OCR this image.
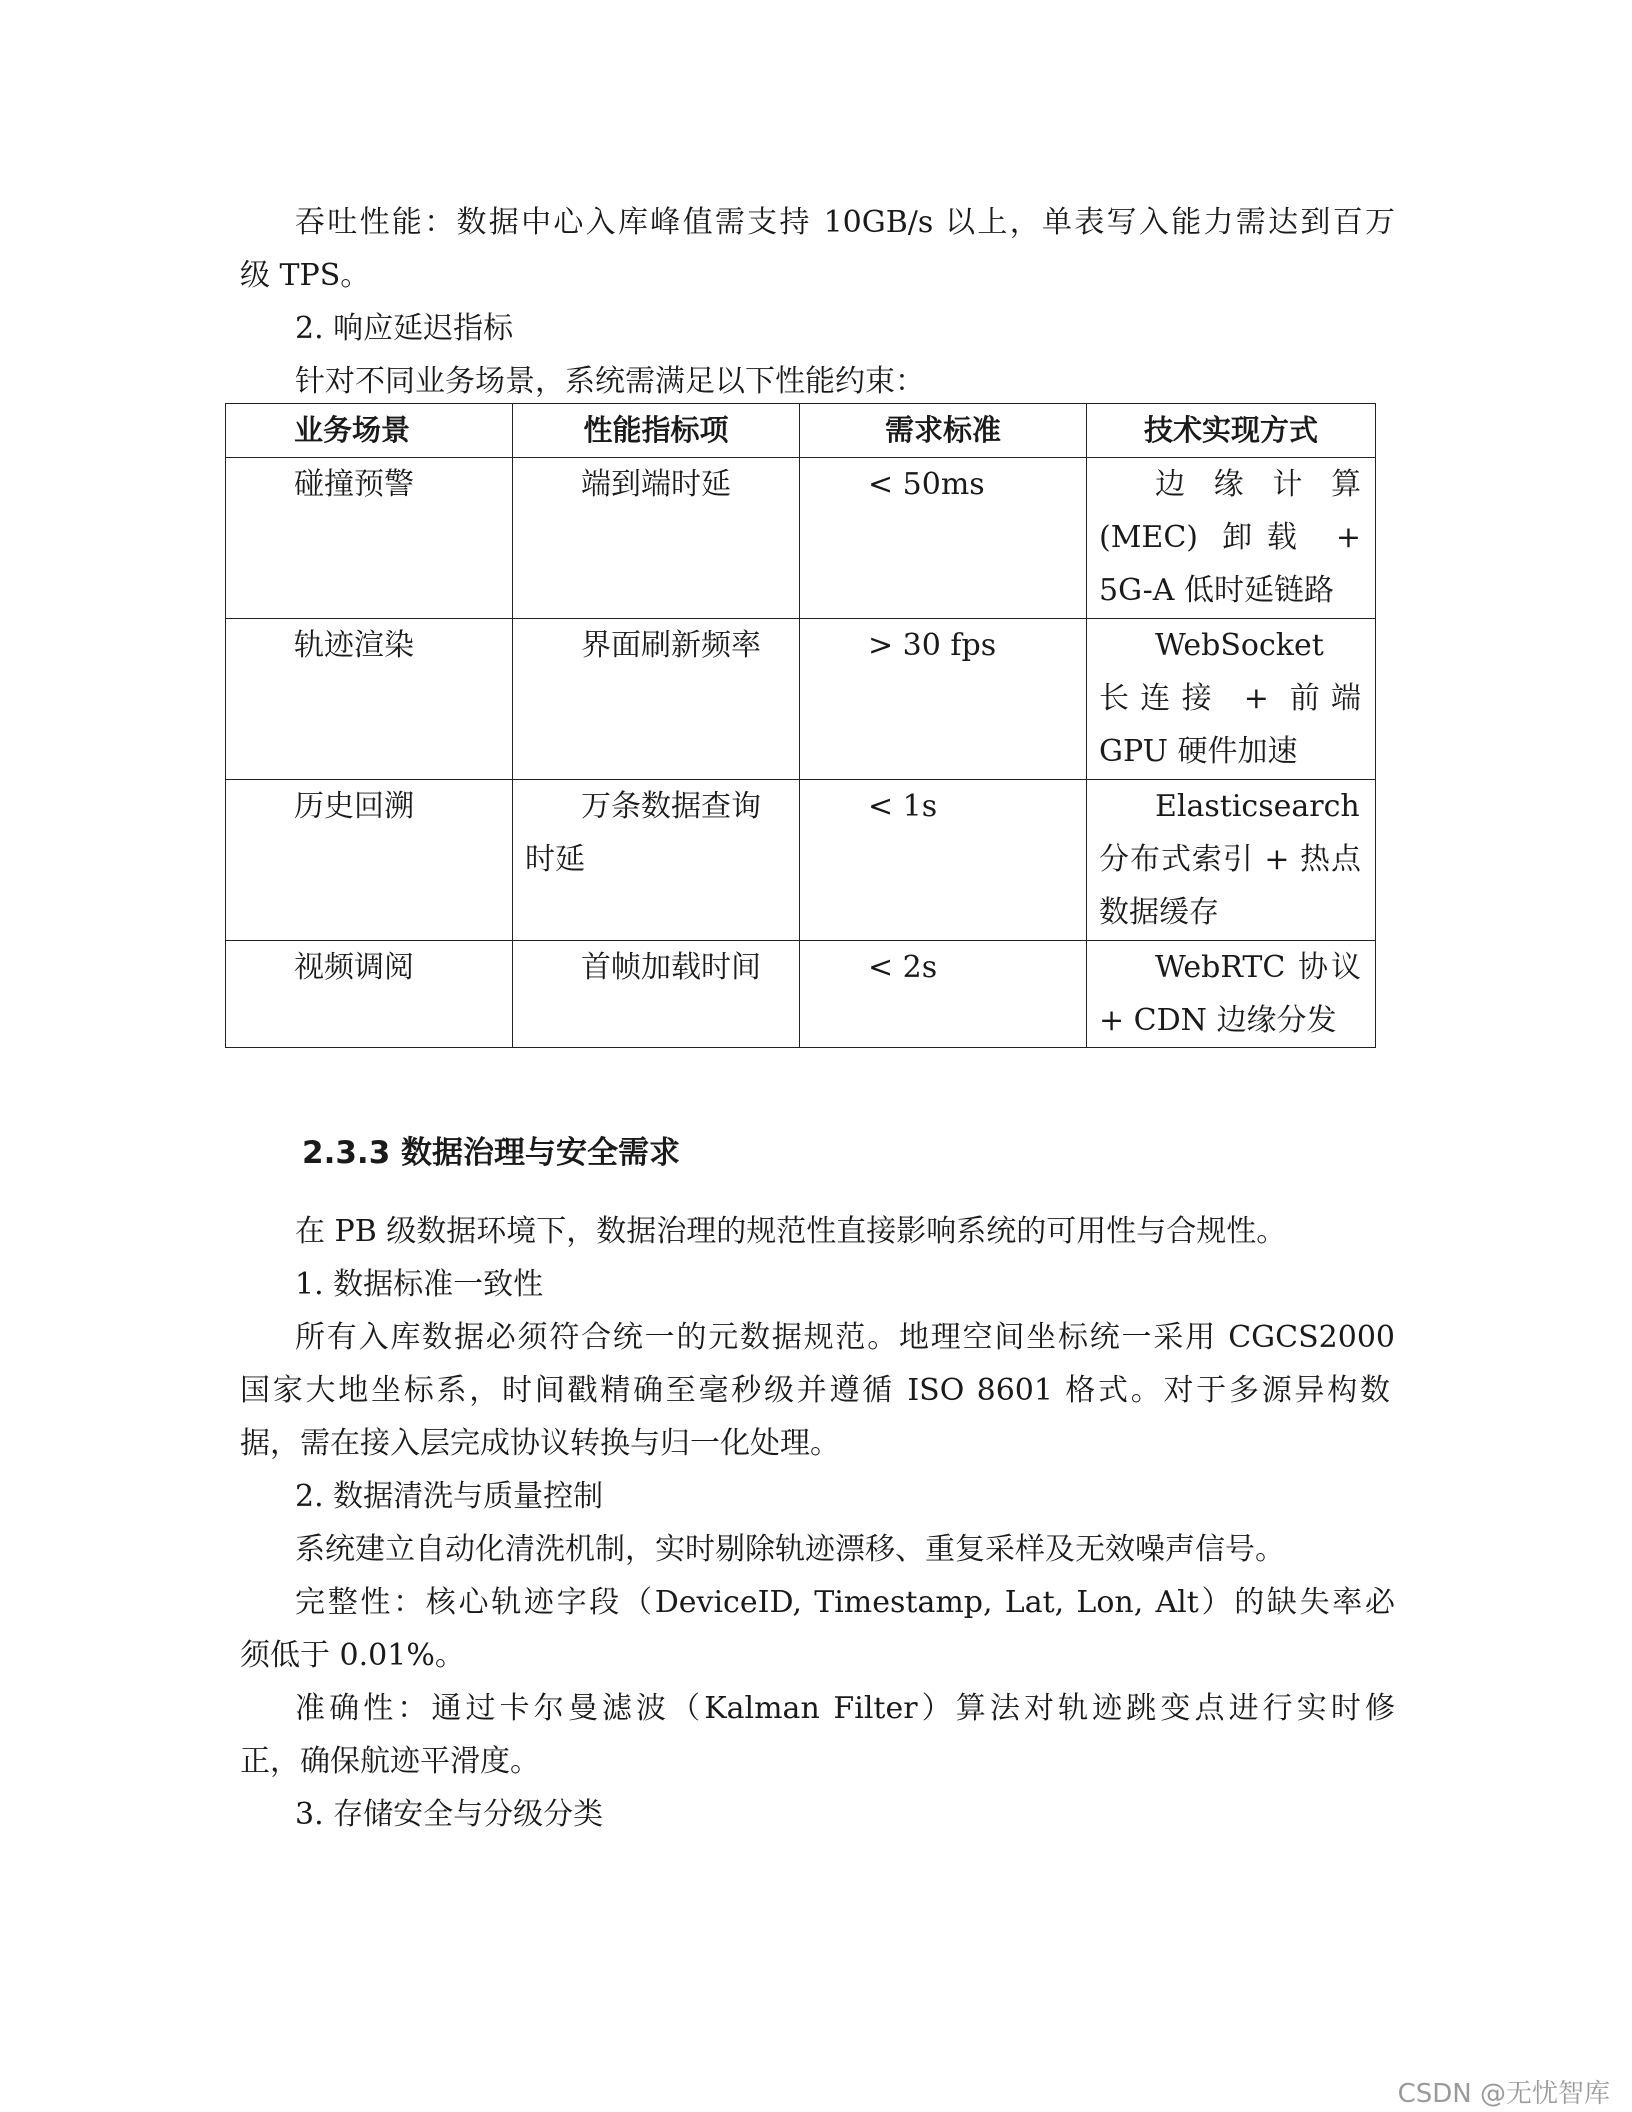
吞吐性能：数据中心入库峰值需支持 10GB/s 以上，单表写入能力需达到百万
级 TPS。
2. 响应延迟指标
针对不同业务场景，系统需满足以下性能约束：
业务场景	性能指标项	需求标准	技术实现方式

碰撞预警	端到端时延	< 50ms	边缘计算 (MEC) 卸载 + 5G-A 低时延链路

轨迹渲染	界面刷新频率	> 30 fps	WebSocket 长连接 + 前端 GPU 硬件加速

历史回溯	万条数据查询时延	< 1s	Elasticsearch 分布式索引 + 热点数据缓存

视频调阅	首帧加载时间	< 2s	WebRTC 协议 + CDN 边缘分发
2.3.3 数据治理与安全需求
在 PB 级数据环境下，数据治理的规范性直接影响系统的可用性与合规性。
1. 数据标准一致性
所有入库数据必须符合统一的元数据规范。地理空间坐标统一采用 CGCS2000
国家大地坐标系，时间戳精确至毫秒级并遵循 ISO 8601 格式。对于多源异构数
据，需在接入层完成协议转换与归一化处理。
2. 数据清洗与质量控制
系统建立自动化清洗机制，实时剔除轨迹漂移、重复采样及无效噪声信号。
完整性：核心轨迹字段（DeviceID, Timestamp, Lat, Lon, Alt）的缺失率必
须低于 0.01%。
准确性：通过卡尔曼滤波（Kalman Filter）算法对轨迹跳变点进行实时修
正，确保航迹平滑度。
3. 存储安全与分级分类
CSDN @无忧智库
